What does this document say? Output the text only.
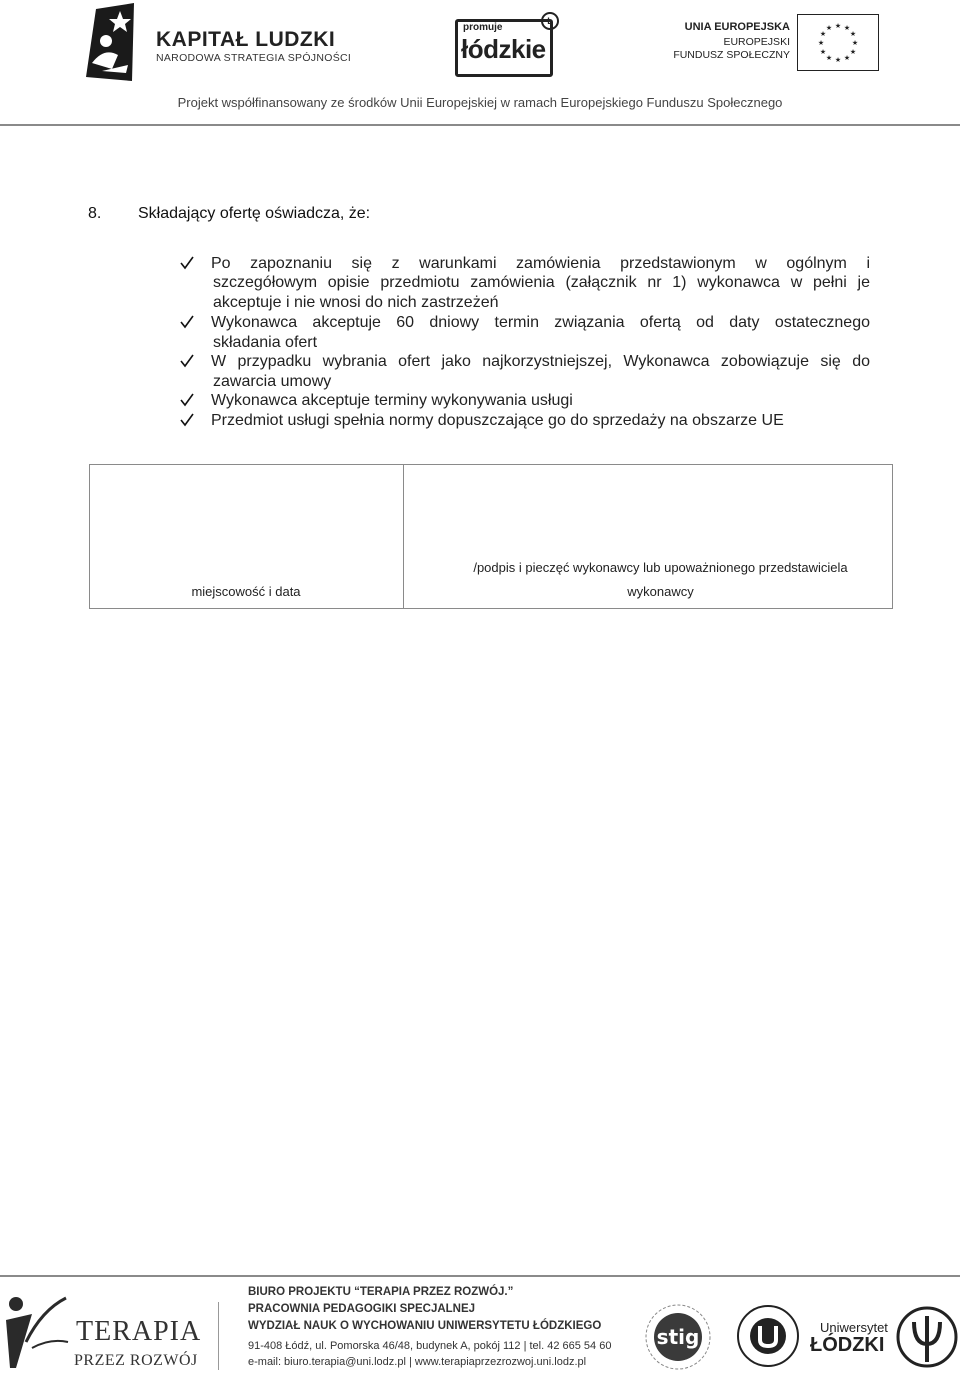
KAPITAŁ LUDZKI
NARODOWA STRATEGIA SPÓJNOŚCI
promuje
łódzkie
Ł	UNIA EUROPEJSKA
EUROPEJSKI
FUNDUSZ SPOŁECZNY
★ ★
★
★
★
★
★
★
★
★
★
★
Projekt współfinansowany ze środków Unii Europejskiej w ramach Europejskiego Funduszu Społecznego
8. Składający ofertę oświadcza, że:
Po zapoznaniu się z warunkami zamówienia przedstawionym w ogólnym i
szczegółowym opisie przedmiotu zamówienia (załącznik nr 1) wykonawca w pełni je
akceptuje i nie wnosi do nich zastrzeżeń
Wykonawca akceptuje 60 dniowy termin związania ofertą od daty ostatecznego
składania ofert
W przypadku wybrania ofert jako najkorzystniejszej, Wykonawca zobowiązuje się do
zawarcia umowy
Wykonawca akceptuje terminy wykonywania usługi
Przedmiot usługi spełnia normy dopuszczające go do sprzedaży na obszarze UE
miejscowość i data
/podpis i pieczęć wykonawcy lub upoważnionego przedstawiciela
wykonawcy
TERAPIA
PRZEZ ROZWÓJ
BIURO PROJEKTU “TERAPIA PRZEZ ROZWÓJ.”
PRACOWNIA PEDAGOGIKI SPECJALNEJ
WYDZIAŁ NAUK O WYCHOWANIU UNIWERSYTETU ŁÓDZKIEGO
91-408 Łódź, ul. Pomorska 46/48, budynek A, pokój 112 | tel. 42 665 54 60
e-mail: biuro.terapia@uni.lodz.pl | www.terapiaprzezrozwoj.uni.lodz.pl
stig	Uniwersytet
ŁÓDZKI
